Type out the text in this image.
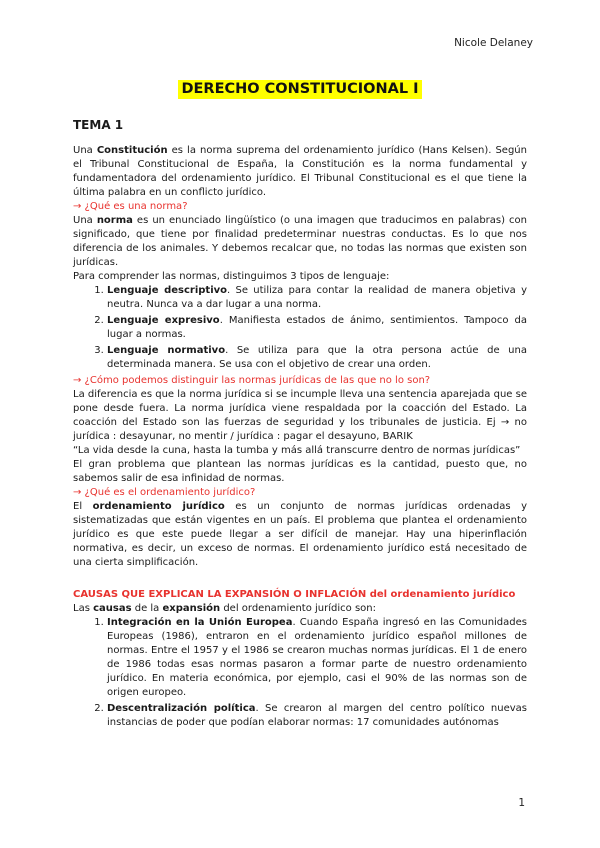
Nicole Delaney
DERECHO CONSTITUCIONAL I
TEMA 1

Una Constitución es la norma suprema del ordenamiento jurídico (Hans Kelsen). Según el Tribunal Constitucional de España, la Constitución es la norma fundamental y fundamentadora del ordenamiento jurídico. El Tribunal Constitucional es el que tiene la última palabra en un conflicto jurídico.

→ ¿Qué es una norma?

Una norma es un enunciado lingüístico (o una imagen que traducimos en palabras) con significado, que tiene por finalidad predeterminar nuestras conductas. Es lo que nos diferencia de los animales. Y debemos recalcar que, no todas las normas que existen son jurídicas.

Para comprender las normas, distinguimos 3 tipos de lenguaje:

1. Lenguaje descriptivo. Se utiliza para contar la realidad de manera objetiva y neutra. Nunca va a dar lugar a una norma.
2. Lenguaje expresivo. Manifiesta estados de ánimo, sentimientos. Tampoco da lugar a normas.
3. Lenguaje normativo. Se utiliza para que la otra persona actúe de una determinada manera. Se usa con el objetivo de crear una orden.

→ ¿Cómo podemos distinguir las normas jurídicas de las que no lo son?

La diferencia es que la norma jurídica si se incumple lleva una sentencia aparejada que se pone desde fuera. La norma jurídica viene respaldada por la coacción del Estado. La coacción del Estado son las fuerzas de seguridad y los tribunales de justicia. Ej → no jurídica : desayunar, no mentir / jurídica : pagar el desayuno, BARIK

“La vida desde la cuna, hasta la tumba y más allá transcurre dentro de normas jurídicas”

El gran problema que plantean las normas jurídicas es la cantidad, puesto que, no sabemos salir de esa infinidad de normas.

→ ¿Qué es el ordenamiento jurídico?

El ordenamiento jurídico es un conjunto de normas jurídicas ordenadas y sistematizadas que están vigentes en un país. El problema que plantea el ordenamiento jurídico es que este puede llegar a ser difícil de manejar. Hay una hiperinflación normativa, es decir, un exceso de normas. El ordenamiento jurídico está necesitado de una cierta simplificación.

CAUSAS QUE EXPLICAN LA EXPANSIÓN O INFLACIÓN del ordenamiento jurídico

Las causas de la expansión del ordenamiento jurídico son:

1. Integración en la Unión Europea. Cuando España ingresó en las Comunidades Europeas (1986), entraron en el ordenamiento jurídico español millones de normas. Entre el 1957 y el 1986 se crearon muchas normas jurídicas. El 1 de enero de 1986 todas esas normas pasaron a formar parte de nuestro ordenamiento jurídico. En materia económica, por ejemplo, casi el 90% de las normas son de origen europeo.
2. Descentralización política. Se crearon al margen del centro político nuevas instancias de poder que podían elaborar normas: 17 comunidades autónomas
1
